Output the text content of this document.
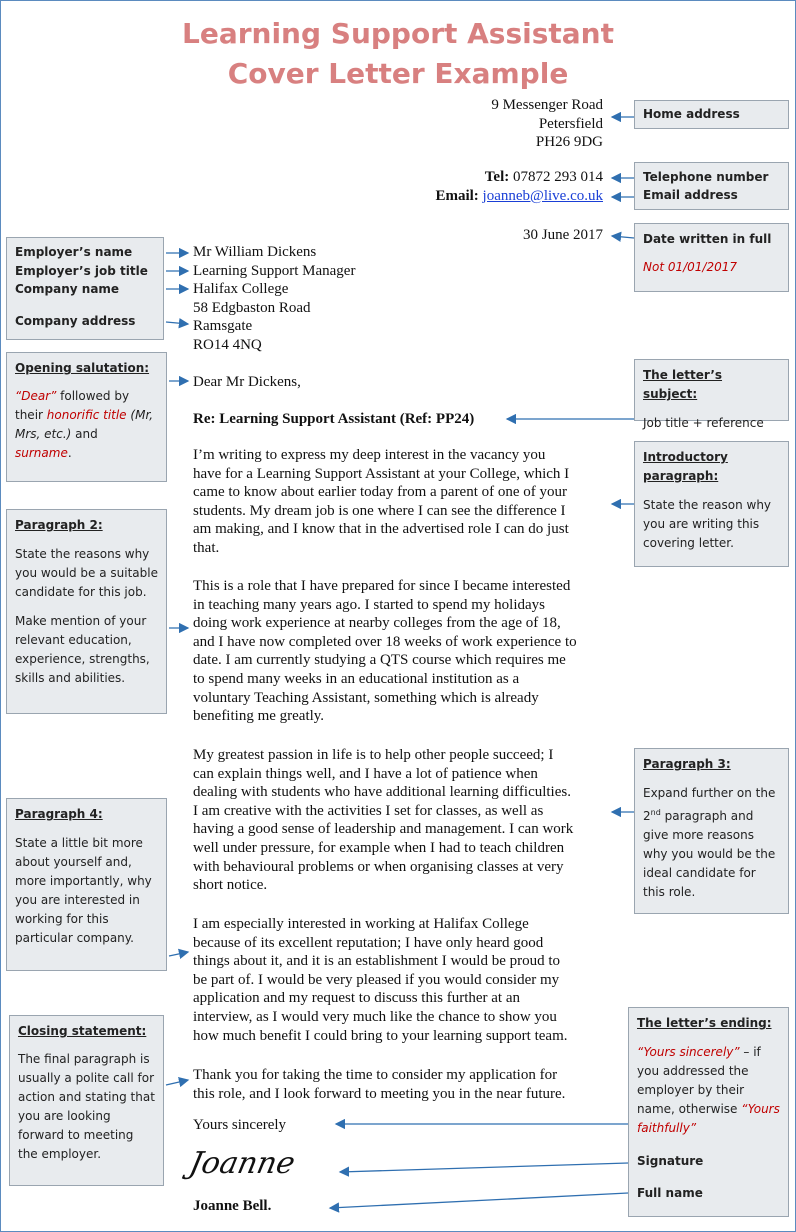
Learning Support Assistant
Cover Letter Example
9 Messenger Road
Petersfield
PH26 9DG
Tel: 07872 293 014
Email: joanneb@live.co.uk
30 June 2017
Mr William Dickens
Learning Support Manager
Halifax College
58 Edgbaston Road
Ramsgate
RO14 4NQ
Dear Mr Dickens,
Re: Learning Support Assistant (Ref: PP24)
I’m writing to express my deep interest in the vacancy you
have for a Learning Support Assistant at your College, which I
came to know about earlier today from a parent of one of your
students. My dream job is one where I can see the difference I
am making, and I know that in the advertised role I can do just
that.
This is a role that I have prepared for since I became interested
in teaching many years ago. I started to spend my holidays
doing work experience at nearby colleges from the age of 18,
and I have now completed over 18 weeks of work experience to
date. I am currently studying a QTS course which requires me
to spend many weeks in an educational institution as a
voluntary Teaching Assistant, something which is already
benefiting me greatly.
My greatest passion in life is to help other people succeed; I
can explain things well, and I have a lot of patience when
dealing with students who have additional learning difficulties.
I am creative with the activities I set for classes, as well as
having a good sense of leadership and management. I can work
well under pressure, for example when I had to teach children
with behavioural problems or when organising classes at very
short notice.
I am especially interested in working at Halifax College
because of its excellent reputation; I have only heard good
things about it, and it is an establishment I would be proud to
be part of. I would be very pleased if you would consider my
application and my request to discuss this further at an
interview, as I would very much like the chance to show you
how much benefit I could bring to your learning support team.
Thank you for taking the time to consider my application for
this role, and I look forward to meeting you in the near future.
Yours sincerely
Joanne
Joanne Bell.
Home address
Telephone number
Email address
Date written in full
Not 01/01/2017
The letter’s subject:
Job title + reference
Introductory paragraph:
State the reason why you are writing this covering letter.
Paragraph 3:
Expand further on the 2nd paragraph and give more reasons why you would be the ideal candidate for this role.
The letter’s ending:
“Yours sincerely” – if you addressed the employer by their name, otherwise “Yours faithfully”
Signature
Full name
Employer’s name
Employer’s job title
Company name
Company address
Opening salutation:
“Dear” followed by their honorific title (Mr, Mrs, etc.) and surname.
Paragraph 2:
State the reasons why you would be a suitable candidate for this job.
Make mention of your relevant education, experience, strengths, skills and abilities.
Paragraph 4:
State a little bit more about yourself and, more importantly, why you are interested in working for this particular company.
Closing statement:
The final paragraph is usually a polite call for action and stating that you are looking forward to meeting the employer.
